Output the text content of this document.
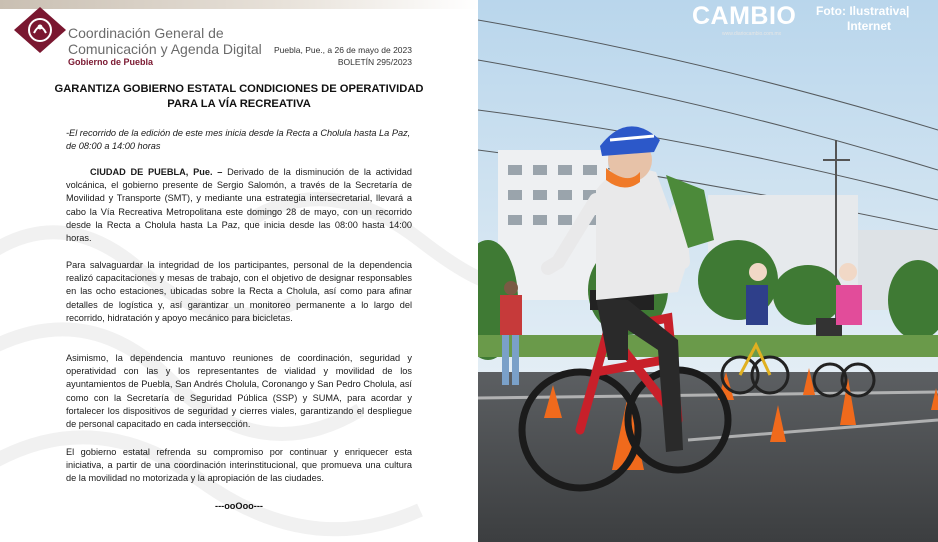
Coordinación General de
Comunicación y Agenda Digital
Gobierno de Puebla
Puebla, Pue., a 26 de mayo de 2023
BOLETÍN 295/2023
GARANTIZA GOBIERNO ESTATAL CONDICIONES DE OPERATIVIDAD
PARA LA VÍA RECREATIVA
-El recorrido de la edición de este mes inicia desde la Recta a Cholula hasta La Paz, de 08:00 a 14:00 horas
CIUDAD DE PUEBLA, Pue. – Derivado de la disminución de la actividad volcánica, el gobierno presente de Sergio Salomón, a través de la Secretaría de Movilidad y Transporte (SMT), y mediante una estrategia intersecretarial, llevará a cabo la Vía Recreativa Metropolitana este domingo 28 de mayo, con un recorrido desde la Recta a Cholula hasta La Paz, que inicia desde las 08:00 hasta 14:00 horas.
Para salvaguardar la integridad de los participantes, personal de la dependencia realizó capacitaciones y mesas de trabajo, con el objetivo de designar responsables en las ocho estaciones, ubicadas sobre la Recta a Cholula, así como para afinar detalles de logística y, así garantizar un monitoreo permanente a lo largo del recorrido, hidratación y apoyo mecánico para bicicletas.
Asimismo, la dependencia mantuvo reuniones de coordinación, seguridad y operatividad con las y los representantes de vialidad y movilidad de los ayuntamientos de Puebla, San Andrés Cholula, Coronango y San Pedro Cholula, así como con la Secretaría de Seguridad Pública (SSP) y SUMA, para acordar y fortalecer los dispositivos de seguridad y cierres viales, garantizando el despliegue de personal capacitado en cada intersección.
El gobierno estatal refrenda su compromiso por continuar y enriquecer esta iniciativa, a partir de una coordinación interinstitucional, que promueva una cultura de la movilidad no motorizada y la apropiación de las ciudades.
---ooOoo---
CAMBIO
www.diariocambio.com.mx
Foto: Ilustrativa|
Internet
